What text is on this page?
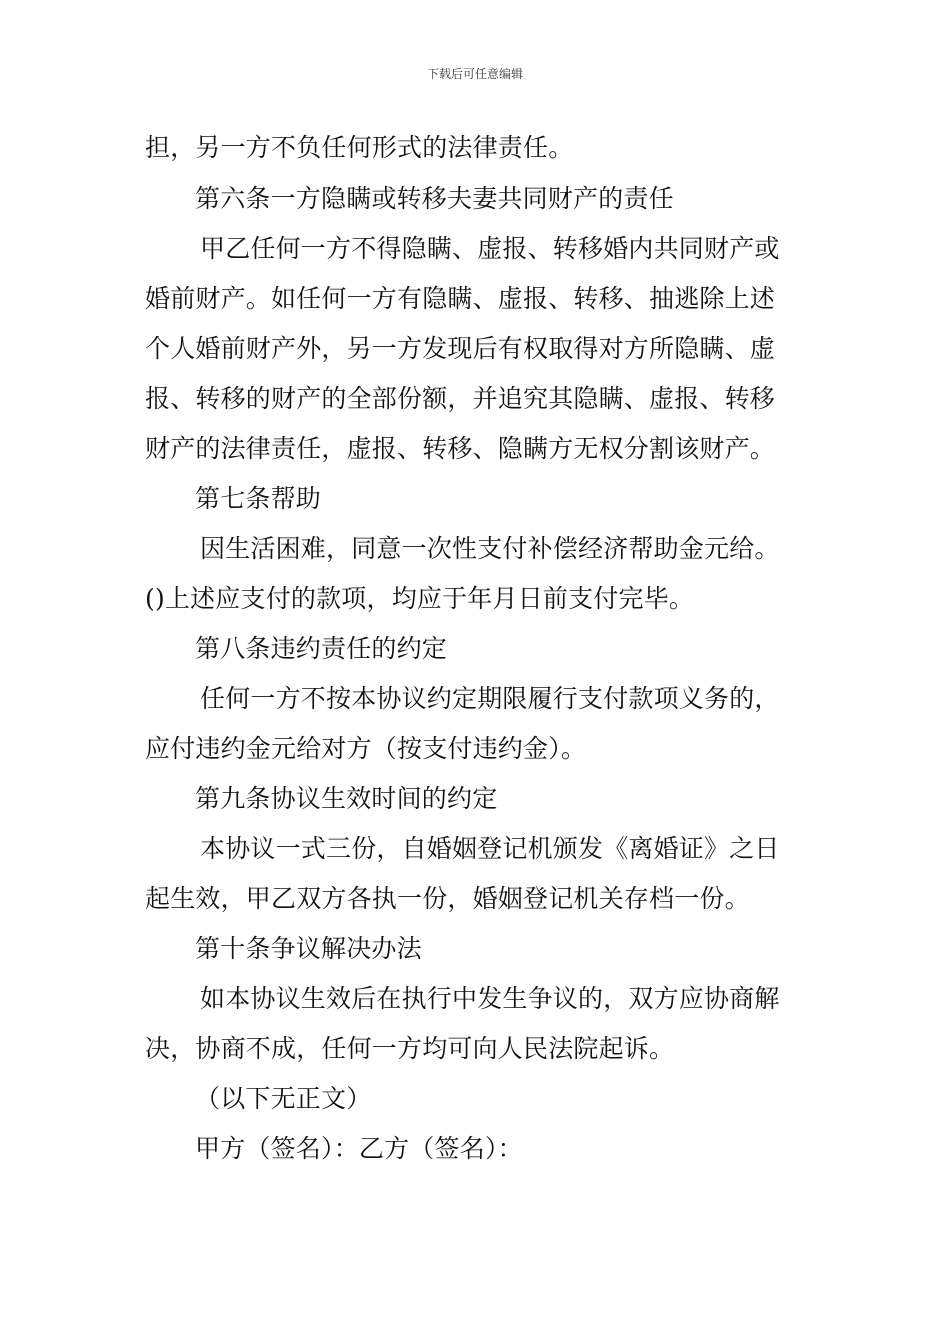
下载后可任意编辑
担，另一方不负任何形式的法律责任。
第六条一方隐瞒或转移夫妻共同财产的责任
甲乙任何一方不得隐瞒、虚报、转移婚内共同财产或
婚前财产。如任何一方有隐瞒、虚报、转移、抽逃除上述
个人婚前财产外，另一方发现后有权取得对方所隐瞒、虚
报、转移的财产的全部份额，并追究其隐瞒、虚报、转移
财产的法律责任，虚报、转移、隐瞒方无权分割该财产。
第七条帮助
因生活困难，同意一次性支付补偿经济帮助金元给。
()上述应支付的款项，均应于年月日前支付完毕。
第八条违约责任的约定
任何一方不按本协议约定期限履行支付款项义务的，
应付违约金元给对方（按支付违约金）。
第九条协议生效时间的约定
本协议一式三份，自婚姻登记机颁发《离婚证》之日
起生效，甲乙双方各执一份，婚姻登记机关存档一份。
第十条争议解决办法
如本协议生效后在执行中发生争议的，双方应协商解
决，协商不成，任何一方均可向人民法院起诉。
（以下无正文）
甲方（签名）：乙方（签名）：
